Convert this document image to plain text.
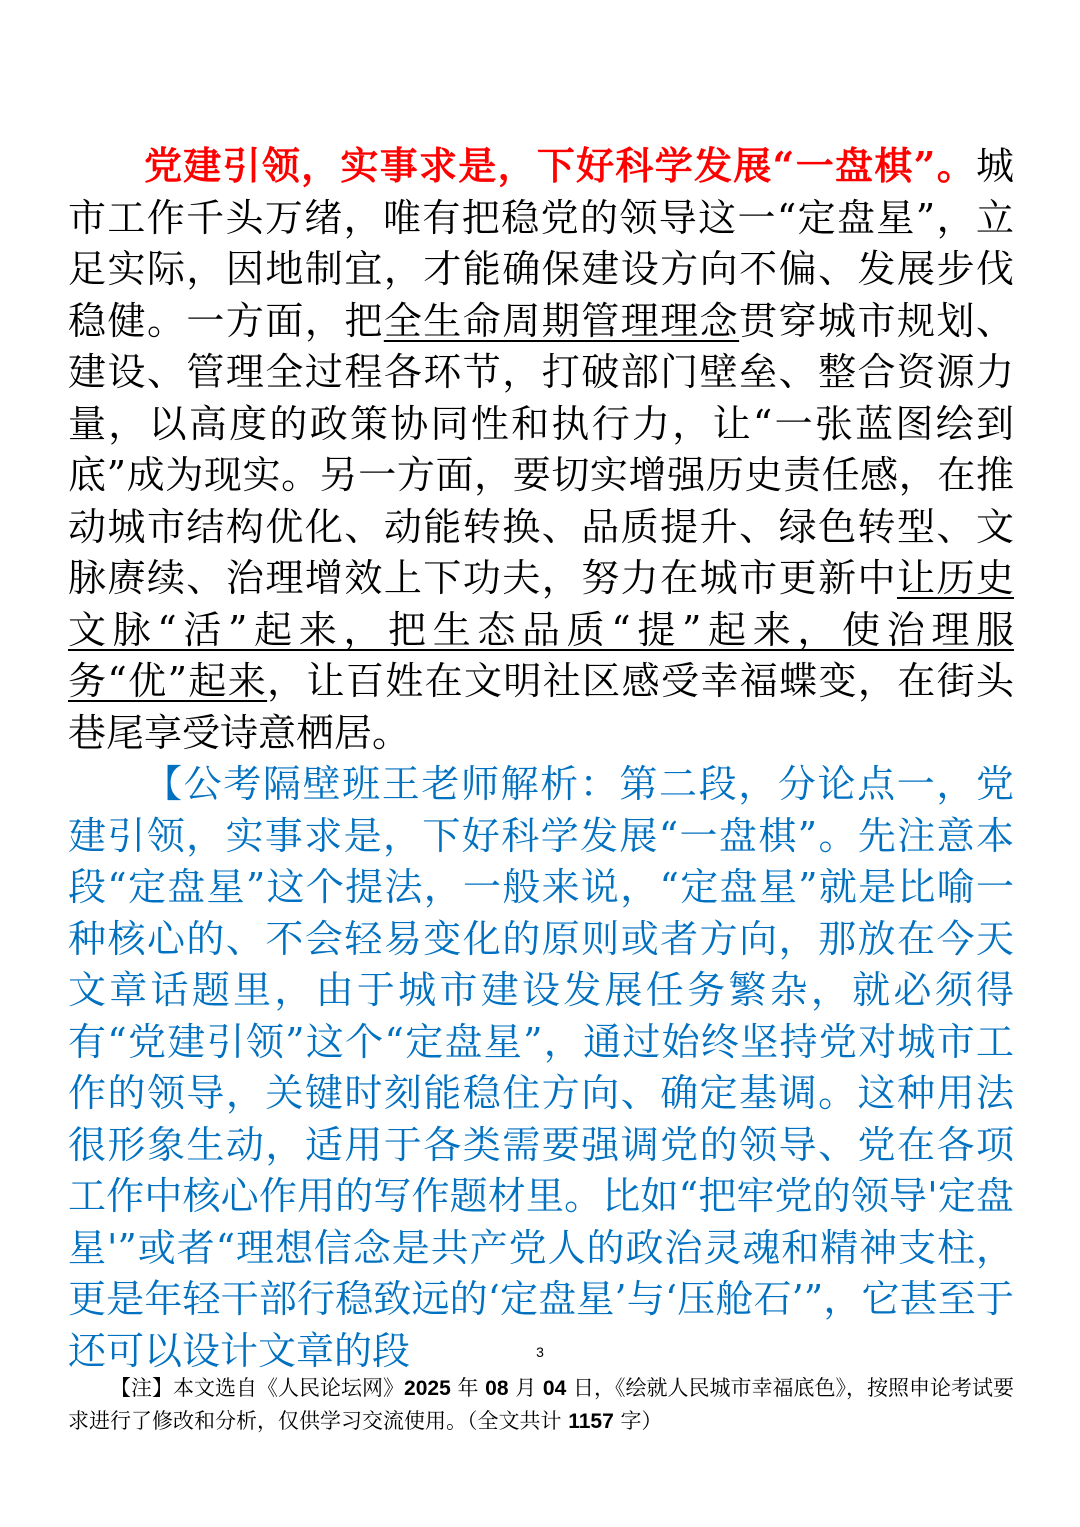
党建引领，实事求是，下好科学发展“一盘棋”。城市工作千头万绪，唯有把稳党的领导这一“定盘星”，立足实际，因地制宜，才能确保建设方向不偏、发展步伐稳健。一方面，把全生命周期管理理念贯穿城市规划、建设、管理全过程各环节，打破部门壁垒、整合资源力量，以高度的政策协同性和执行力，让“一张蓝图绘到底”成为现实。另一方面，要切实增强历史责任感，在推动城市结构优化、动能转换、品质提升、绿色转型、文脉赓续、治理增效上下功夫，努力在城市更新中让历史文脉“活”起来，把生态品质“提”起来，使治理服务“优”起来，让百姓在文明社区感受幸福蝶变，在街头巷尾享受诗意栖居。

【公考隔壁班王老师解析：第二段，分论点一，党建引领，实事求是，下好科学发展“一盘棋”。先注意本段“定盘星”这个提法，一般来说，“定盘星”就是比喻一种核心的、不会轻易变化的原则或者方向，那放在今天文章话题里，由于城市建设发展任务繁杂，就必须得有“党建引领”这个“定盘星”，通过始终坚持党对城市工作的领导，关键时刻能稳住方向、确定基调。这种用法很形象生动，适用于各类需要强调党的领导、党在各项工作中核心作用的写作题材里。比如“把牢党的领导'定盘星'”或者“理想信念是共产党人的政治灵魂和精神支柱，更是年轻干部行稳致远的‘定盘星’与‘压舱石’”，它甚至于还可以设计文章的段	3
【注】本文选自《人民论坛网》2025 年 08 月 04 日，《绘就人民城市幸福底色》，按照申论考试要求进行了修改和分析，仅供学习交流使用。（全文共计 1157 字）
